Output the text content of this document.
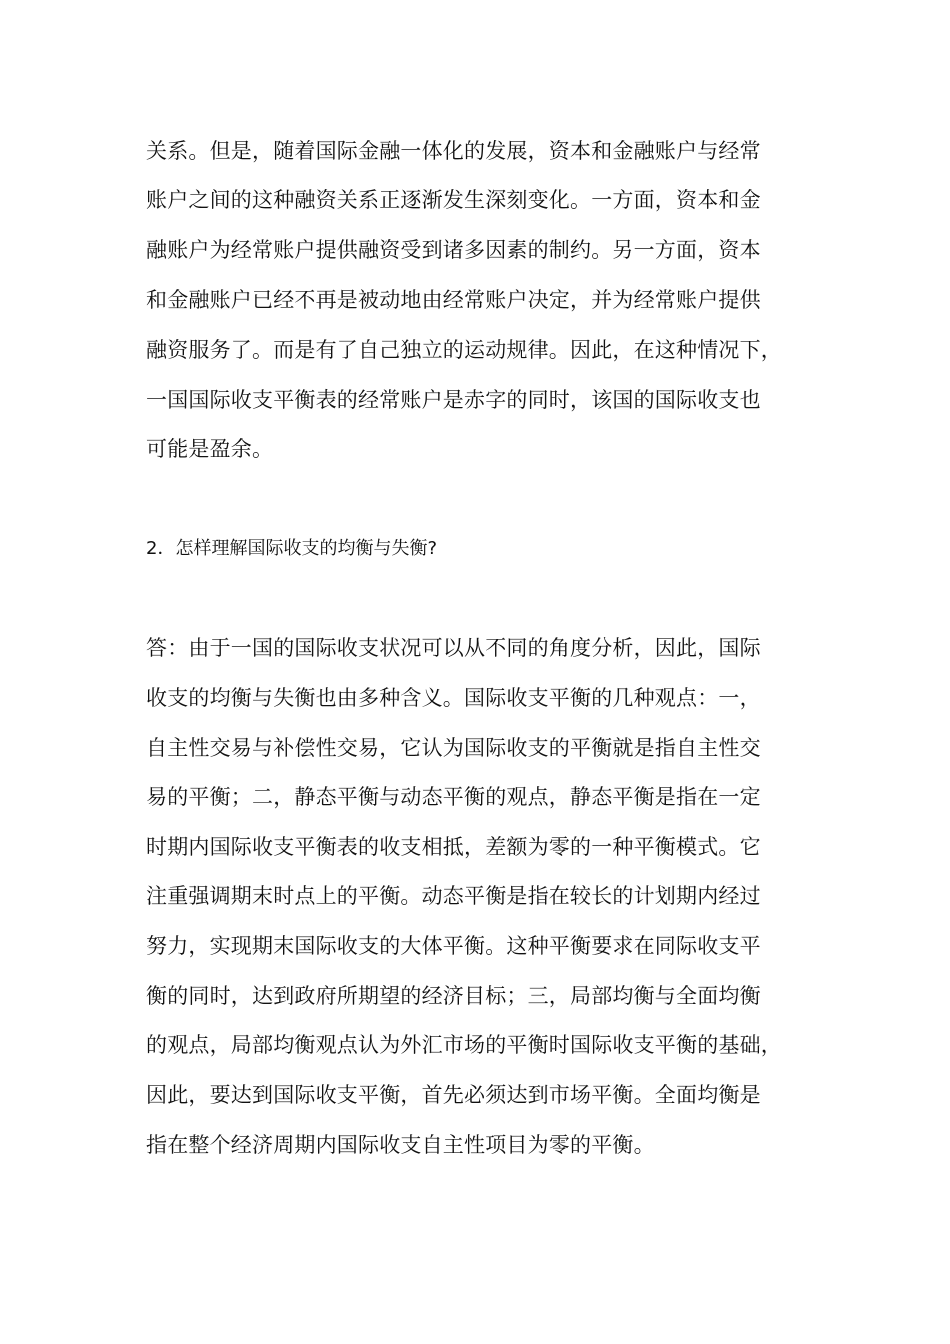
关系。但是，随着国际金融一体化的发展，资本和金融账户与经常
账户之间的这种融资关系正逐渐发生深刻变化。一方面，资本和金
融账户为经常账户提供融资受到诸多因素的制约。另一方面，资本
和金融账户已经不再是被动地由经常账户决定，并为经常账户提供
融资服务了。而是有了自己独立的运动规律。因此，在这种情况下，
一国国际收支平衡表的经常账户是赤字的同时，该国的国际收支也
可能是盈余。
2．怎样理解国际收支的均衡与失衡?
答：由于一国的国际收支状况可以从不同的角度分析，因此，国际
收支的均衡与失衡也由多种含义。国际收支平衡的几种观点：一，
自主性交易与补偿性交易，它认为国际收支的平衡就是指自主性交
易的平衡；二，静态平衡与动态平衡的观点，静态平衡是指在一定
时期内国际收支平衡表的收支相抵，差额为零的一种平衡模式。它
注重强调期末时点上的平衡。动态平衡是指在较长的计划期内经过
努力，实现期末国际收支的大体平衡。这种平衡要求在同际收支平
衡的同时，达到政府所期望的经济目标；三，局部均衡与全面均衡
的观点，局部均衡观点认为外汇市场的平衡时国际收支平衡的基础，
因此，要达到国际收支平衡，首先必须达到市场平衡。全面均衡是
指在整个经济周期内国际收支自主性项目为零的平衡。
